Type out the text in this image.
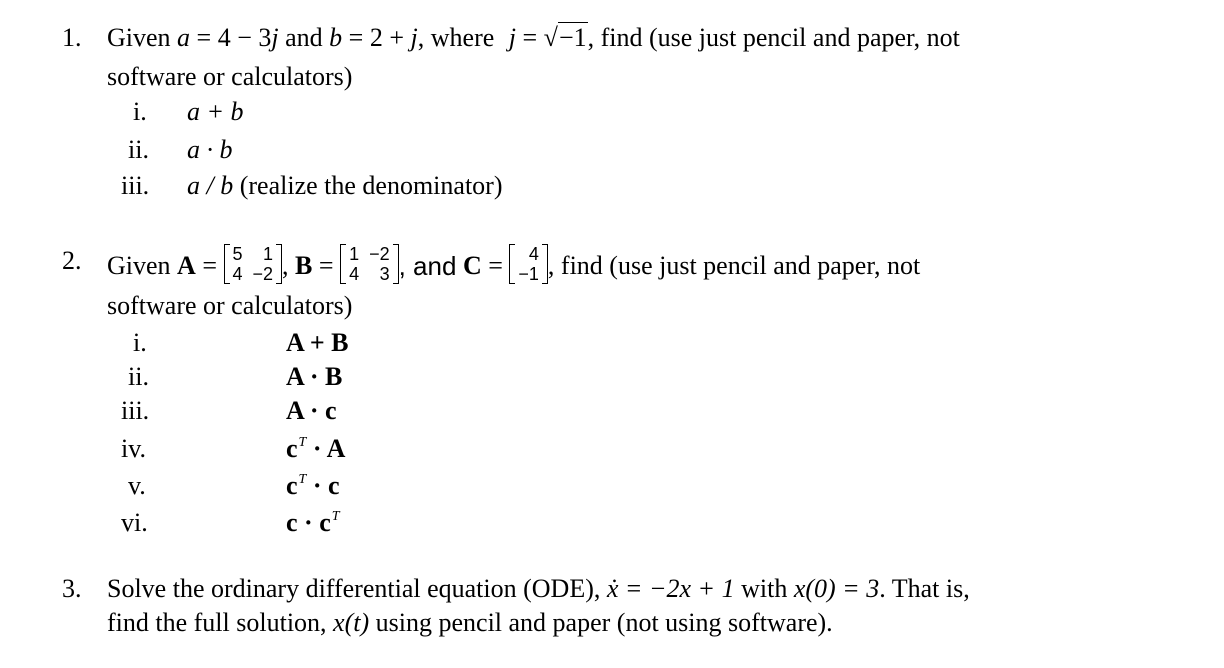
1. Given a = 4 − 3j and b = 2 + j, where j = √−1, find (use just pencil and paper, not
software or calculators)
i. a + b
ii. a · b
iii. a / b (realize the denominator)
2. Given
A
=
5	1
4 −2 , B
=
1 −2
4	3 , and
C
=
	4
−1 , find (use just pencil and paper, not
software or calculators)
i.	A + B
ii.	A · B
iii.	A · c
iv.	$c^T \cdot A$
v.	$c^T \cdot c$
vi.	$c \cdot c^T$
3. Solve the ordinary differential equation (ODE), ẋ = −2x + 1 with x(0) = 3. That is,
find the full solution, x(t) using pencil and paper (not using software).
